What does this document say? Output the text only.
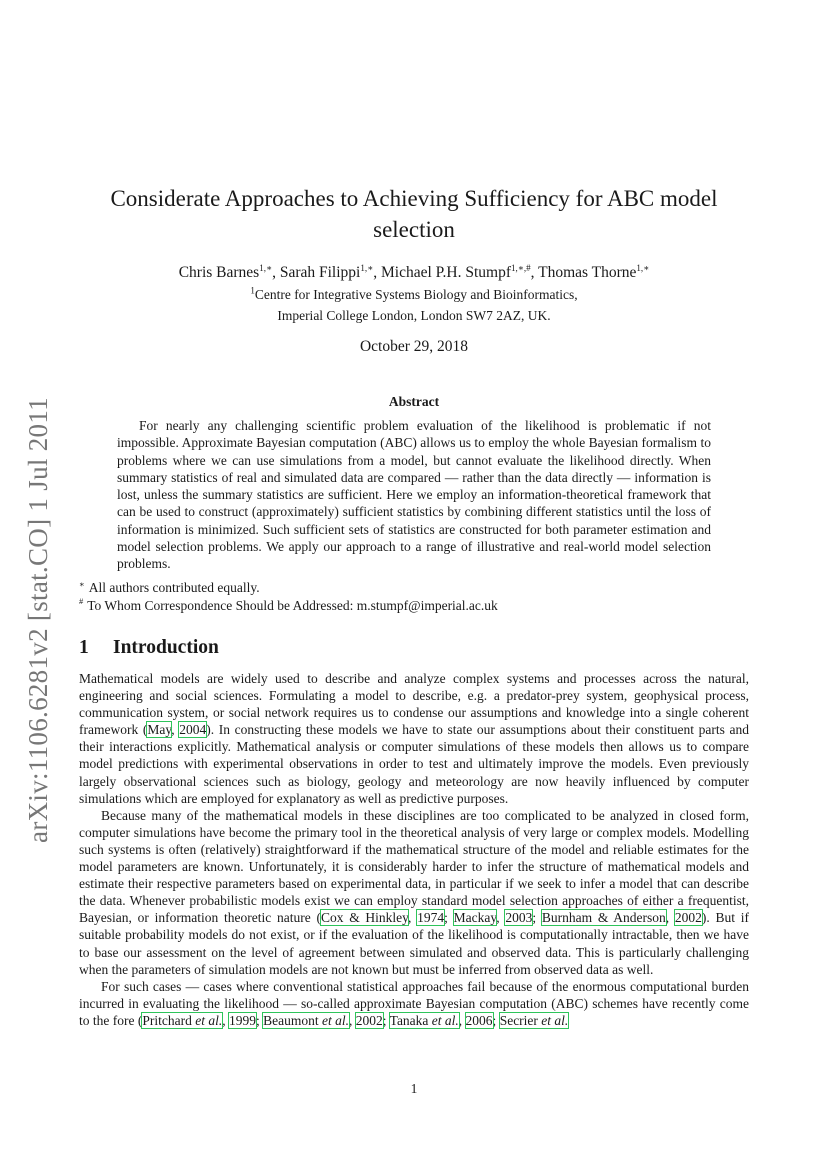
arXiv:1106.6281v2 [stat.CO] 1 Jul 2011
Considerate Approaches to Achieving Sufficiency for ABC model
selection
Chris Barnes$^{1,∗}$, Sarah Filippi$^{1,∗}$, Michael P.H. Stumpf$^{1,∗,\#}$, Thomas Thorne$^{1,∗}$
$^1$Centre for Integrative Systems Biology and Bioinformatics,
Imperial College London, London SW7 2AZ, UK.
October 29, 2018
Abstract
For nearly any challenging scientific problem evaluation of the likelihood is problematic if not impossible. Approximate Bayesian computation (ABC) allows us to employ the whole Bayesian formalism to problems where we can use simulations from a model, but cannot evaluate the likelihood directly. When summary statistics of real and simulated data are compared — rather than the data directly — information is lost, unless the summary statistics are sufficient. Here we employ an information-theoretical framework that can be used to construct (approximately) sufficient statistics by combining different statistics until the loss of information is minimized. Such sufficient sets of statistics are constructed for both parameter estimation and model selection problems. We apply our approach to a range of illustrative and real-world model selection problems.
∗ All authors contributed equally.
# To Whom Correspondence Should be Addressed: m.stumpf@imperial.ac.uk
1 Introduction

Mathematical models are widely used to describe and analyze complex systems and processes across the natural, engineering and social sciences. Formulating a model to describe, e.g. a predator-prey system, geophysical process, communication system, or social network requires us to condense our assumptions and knowledge into a single coherent framework (May, 2004). In constructing these models we have to state our assumptions about their constituent parts and their interactions explicitly. Mathematical analysis or computer simulations of these models then allows us to compare model predictions with experimental observations in order to test and ultimately improve the models. Even previously largely observational sciences such as biology, geology and meteorology are now heavily influenced by computer simulations which are employed for explanatory as well as predictive purposes.

Because many of the mathematical models in these disciplines are too complicated to be analyzed in closed form, computer simulations have become the primary tool in the theoretical analysis of very large or complex models. Modelling such systems is often (relatively) straightforward if the mathematical structure of the model and reliable estimates for the model parameters are known. Unfortunately, it is considerably harder to infer the structure of mathematical models and estimate their respective parameters based on experimental data, in particular if we seek to infer a model that can describe the data. Whenever probabilistic models exist we can employ standard model selection approaches of either a frequentist, Bayesian, or information theoretic nature (Cox & Hinkley, 1974; Mackay, 2003; Burnham & Anderson, 2002). But if suitable probability models do not exist, or if the evaluation of the likelihood is computationally intractable, then we have to base our assessment on the level of agreement between simulated and observed data. This is particularly challenging when the parameters of simulation models are not known but must be inferred from observed data as well.

For such cases — cases where conventional statistical approaches fail because of the enormous computational burden incurred in evaluating the likelihood — so-called approximate Bayesian computation (ABC) schemes have recently come to the fore (Pritchard et al., 1999; Beaumont et al., 2002; Tanaka et al., 2006; Secrier et al.

1
